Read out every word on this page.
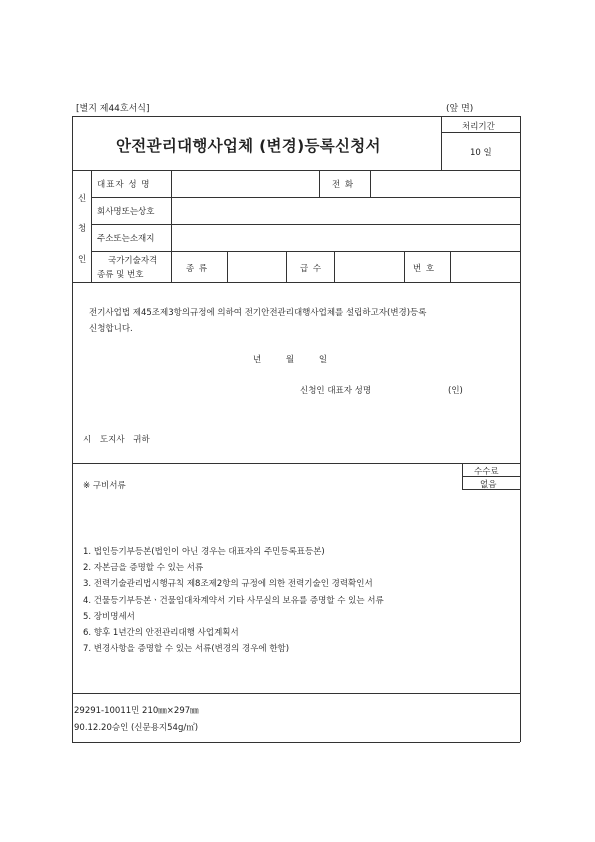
[별지 제44호서식]	(앞 면)
안전관리대행사업체 (변경)등록신청서
처리기간
10 일
신
청
인
대표자 성 명	전 화
회사명또는상호
주소또는소재지
국가기술자격
종류 및 번호
종 류	급 수	번 호
전기사업법 제45조제3항의규정에 의하여 전기안전관리대행사업체를 설립하고자(변경)등록
신청합니다.
년 월 일
신청인 대표자 성명	(인)
시 도지사 귀하
※ 구비서류
수수료
없음
1. 법인등기부등본(법인이 아닌 경우는 대표자의 주민등록표등본)
2. 자본금을 증명할 수 있는 서류
3. 전력기술관리법시행규칙 제8조제2항의 규정에 의한 전력기술인 경력확인서
4. 건물등기부등본ㆍ건물임대차계약서 기타 사무실의 보유를 증명할 수 있는 서류
5. 장비명세서
6. 향후 1년간의 안전관리대행 사업계획서
7. 변경사항을 증명할 수 있는 서류(변경의 경우에 한함)
29291-10011민 210㎜×297㎜
90.12.20승인 (신문용지54g/㎡)
